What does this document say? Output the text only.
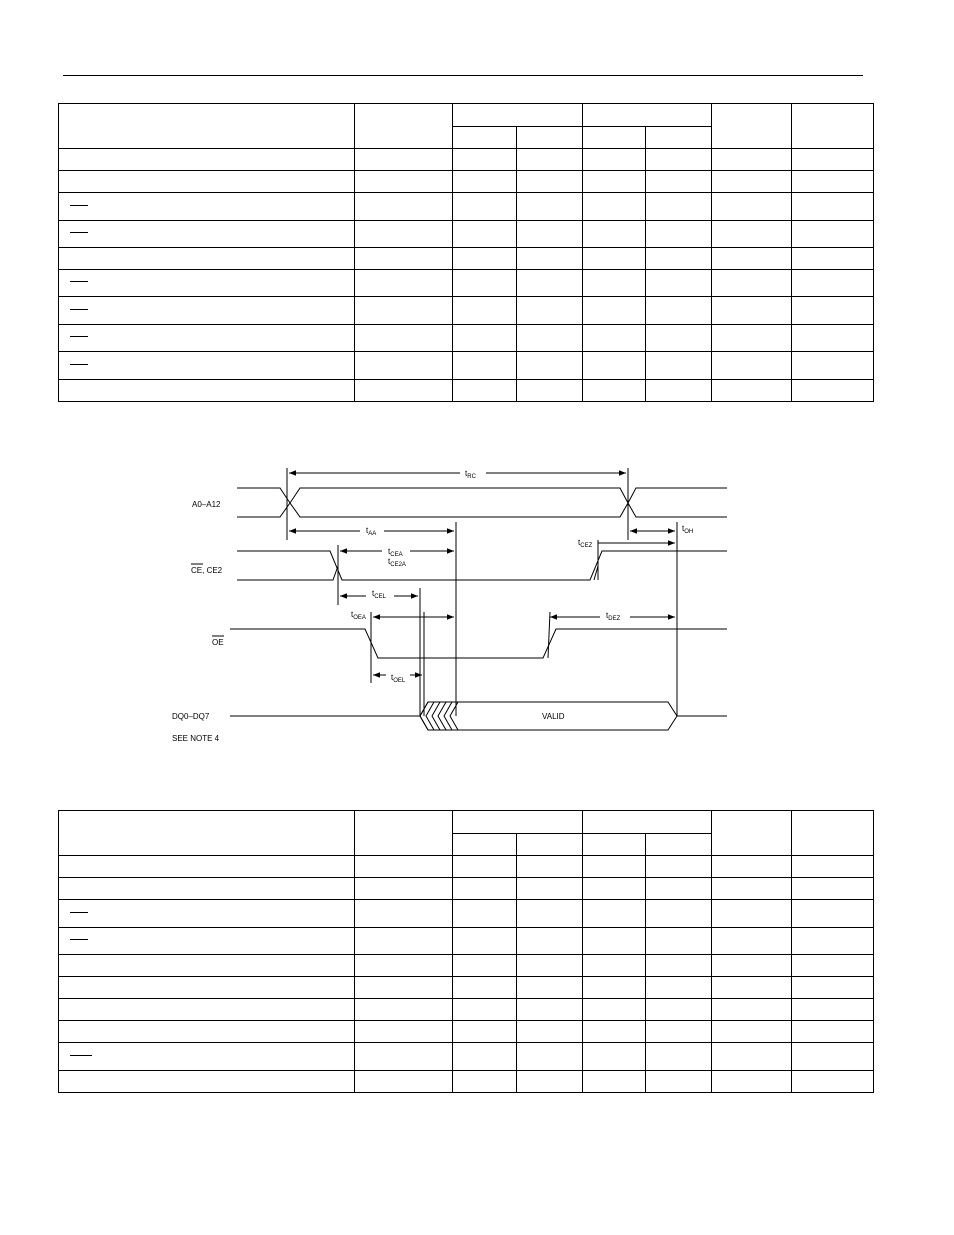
A0–A12
CE, CE2
OE
DQ0–DQ7
SEE NOTE 4
VALID
$t_{RC}$
$t_{AA}$
$t_{CEA}$
$t_{CE2A}$
$t_{CEL}$
$t_{OEA}$
$t_{OEL}$
$t_{CEZ}$
$t_{OH}$
$t_{DEZ}$
